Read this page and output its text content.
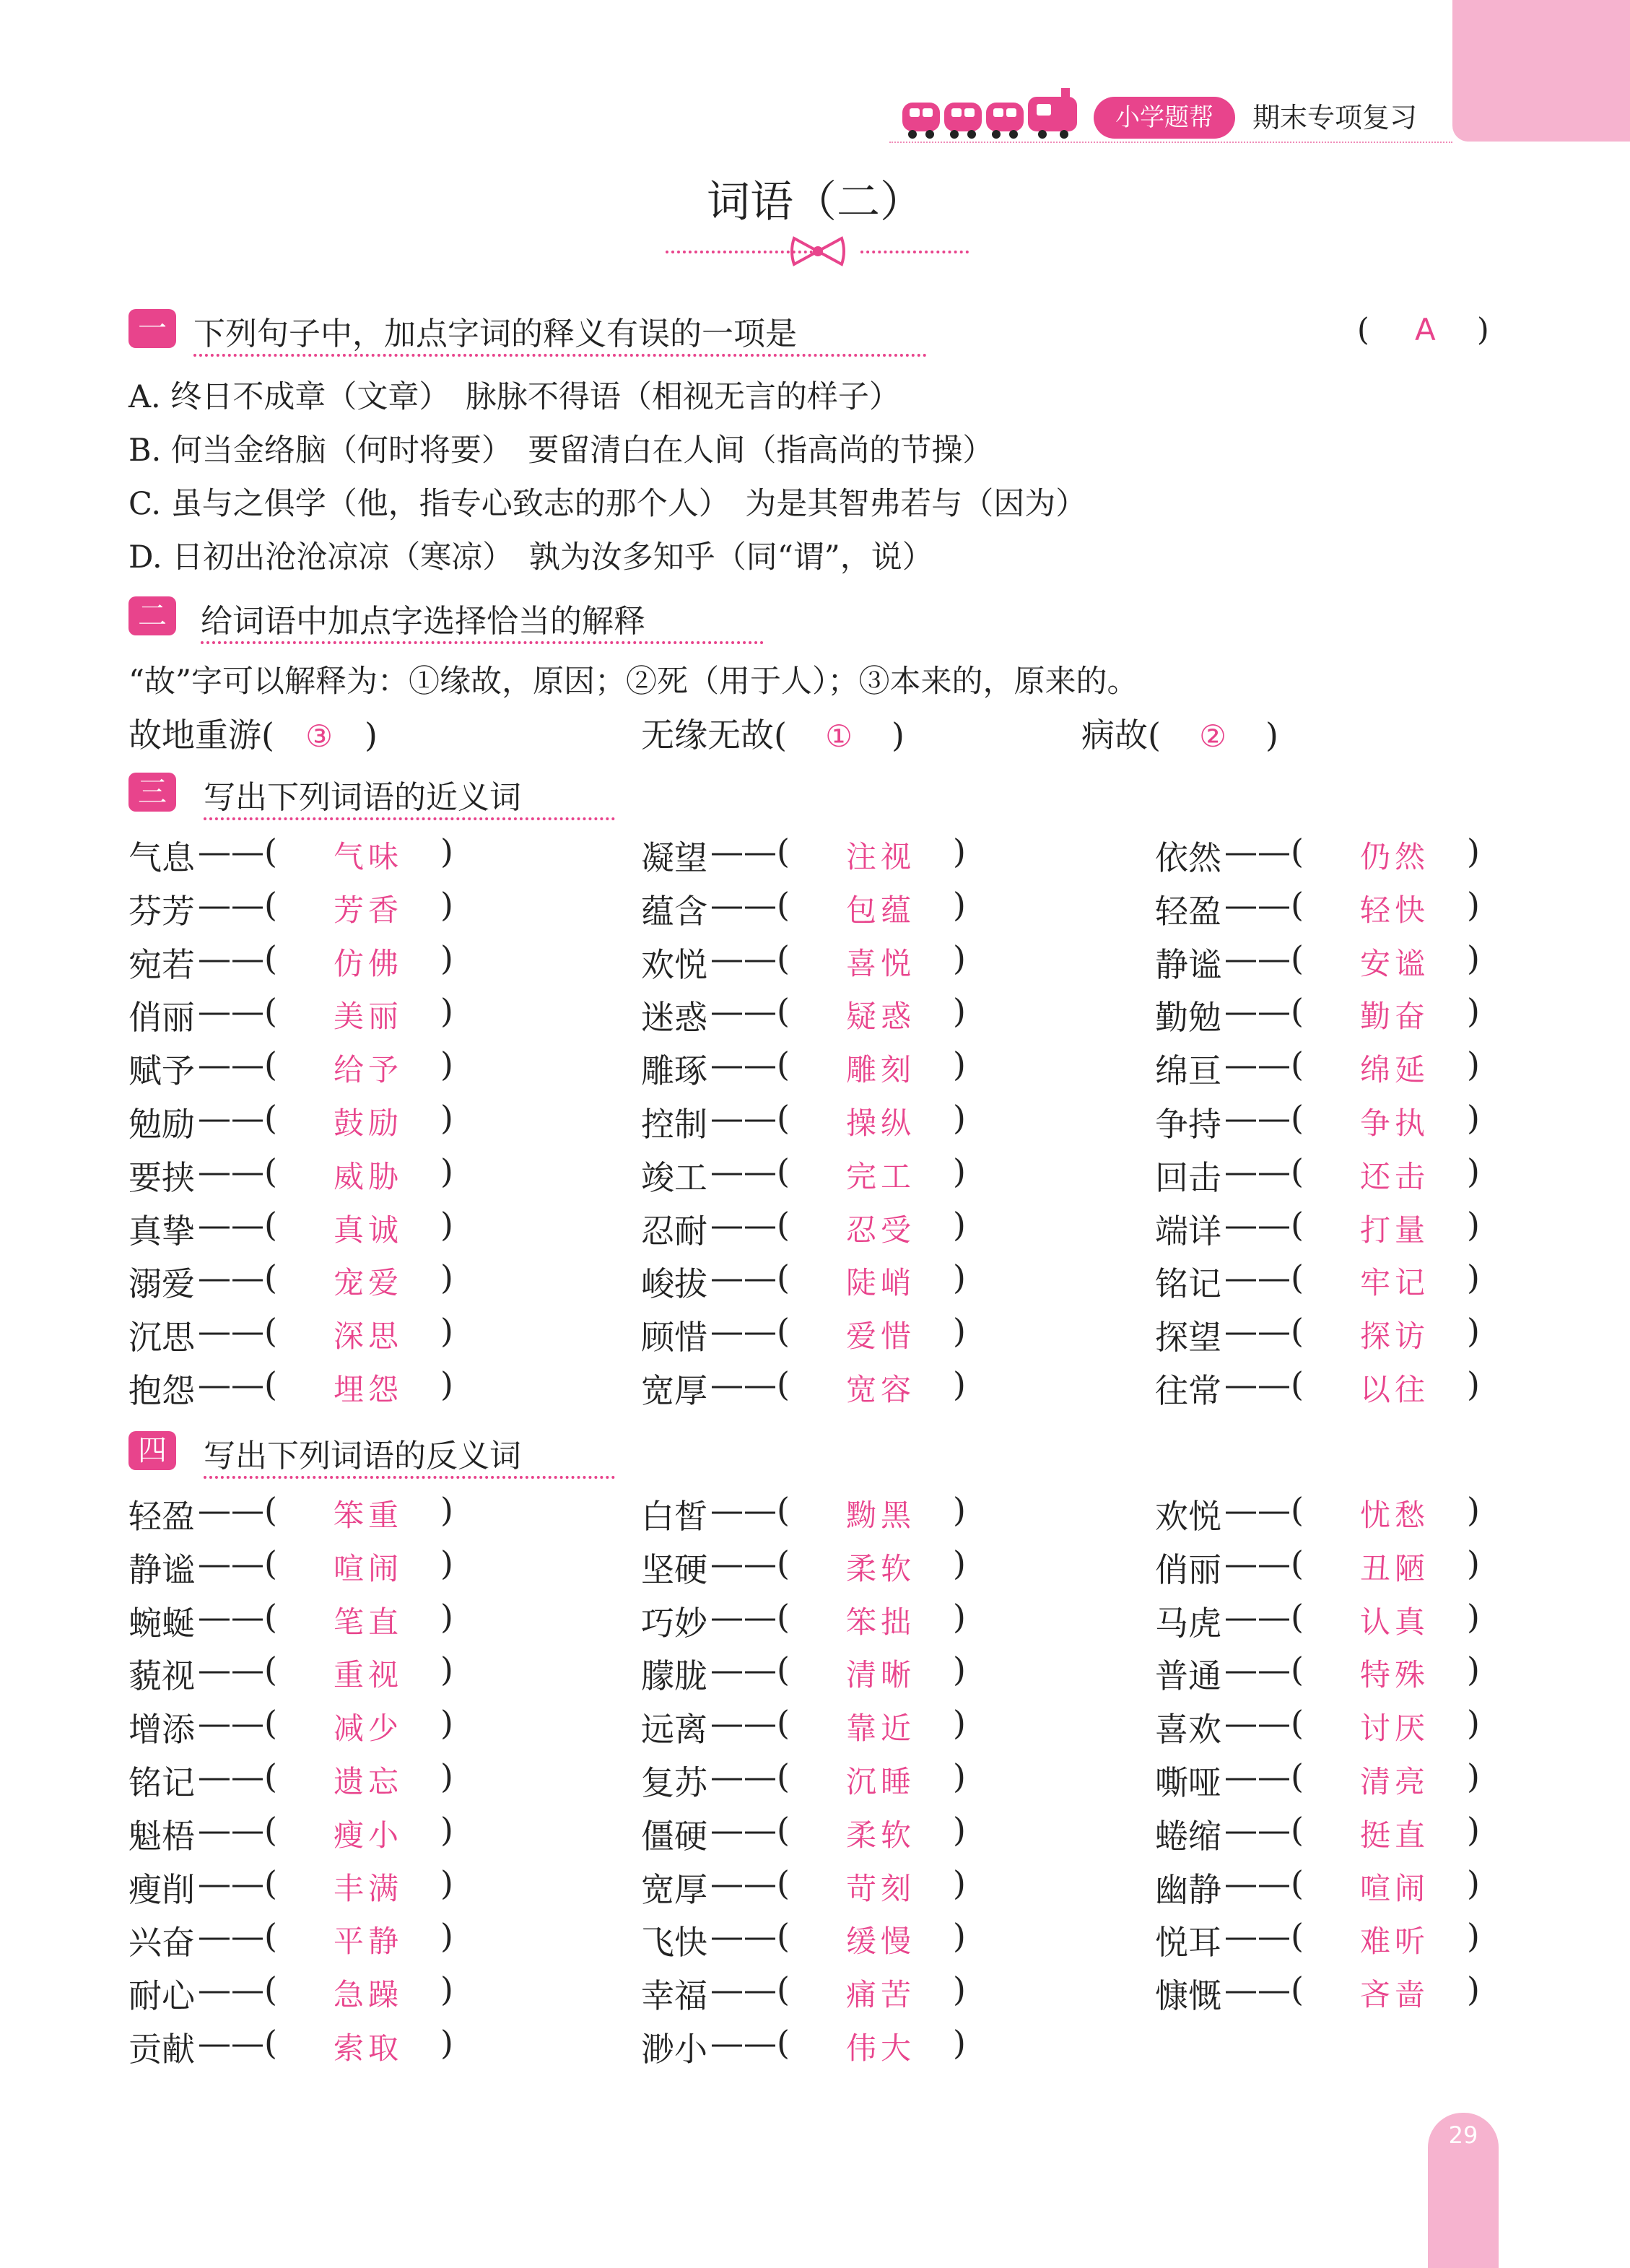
小学题帮	期末专项复习
词语（二）
一 下列句子中，加点字词的释义有误的一项是	( A )
A. 终日不成章（文章）　脉脉不得语（相视无言的样子）
B. 何当金络脑（何时将要）　要留清白在人间（指高尚的节操）
C. 虽与之俱学（他，指专心致志的那个人）　为是其智弗若与（因为）
D. 日初出沧沧凉凉（寒凉）　孰为汝多知乎（同“谓”，说）
二 给词语中加点字选择恰当的解释
“故”字可以解释为：①缘故，原因；②死（用于人）；③本来的，原来的。
故地重游( ③ )	无缘无故( ① )	病故( ② )
三 写出下列词语的近义词
气息 ——( 气味 )
芬芳 ——( 芳香 )
宛若 ——( 仿佛 )
俏丽 ——( 美丽 )
赋予 ——( 给予 )
勉励 ——( 鼓励 )
要挟 ——( 威胁 )
真挚 ——( 真诚 )
溺爱 ——( 宠爱 )
沉思 ——( 深思 )
抱怨 ——( 埋怨 )
凝望 ——( 注视 )
蕴含 ——( 包蕴 )
欢悦 ——( 喜悦 )
迷惑 ——( 疑惑 )
雕琢 ——( 雕刻 )
控制 ——( 操纵 )
竣工 ——( 完工 )
忍耐 ——( 忍受 )
峻拔 ——( 陡峭 )
顾惜 ——( 爱惜 )
宽厚 ——( 宽容 )
依然 ——( 仍然 )
轻盈 ——( 轻快 )
静谧 ——( 安谧 )
勤勉 ——( 勤奋 )
绵亘 ——( 绵延 )
争持 ——( 争执 )
回击 ——( 还击 )
端详 ——( 打量 )
铭记 ——( 牢记 )
探望 ——( 探访 )
往常 ——( 以往 )
四 写出下列词语的反义词
轻盈 ——( 笨重 )
静谧 ——( 喧闹 )
蜿蜒 ——( 笔直 )
藐视 ——( 重视 )
增添 ——( 减少 )
铭记 ——( 遗忘 )
魁梧 ——( 瘦小 )
瘦削 ——( 丰满 )
兴奋 ——( 平静 )
耐心 ——( 急躁 )
贡献 ——( 索取 )
白皙 ——( 黝黑 )
坚硬 ——( 柔软 )
巧妙 ——( 笨拙 )
朦胧 ——( 清晰 )
远离 ——( 靠近 )
复苏 ——( 沉睡 )
僵硬 ——( 柔软 )
宽厚 ——( 苛刻 )
飞快 ——( 缓慢 )
幸福 ——( 痛苦 )
渺小 ——( 伟大 )
欢悦 ——( 忧愁 )
俏丽 ——( 丑陋 )
马虎 ——( 认真 )
普通 ——( 特殊 )
喜欢 ——( 讨厌 )
嘶哑 ——( 清亮 )
蜷缩 ——( 挺直 )
幽静 ——( 喧闹 )
悦耳 ——( 难听 )
慷慨 ——( 吝啬 )
29
